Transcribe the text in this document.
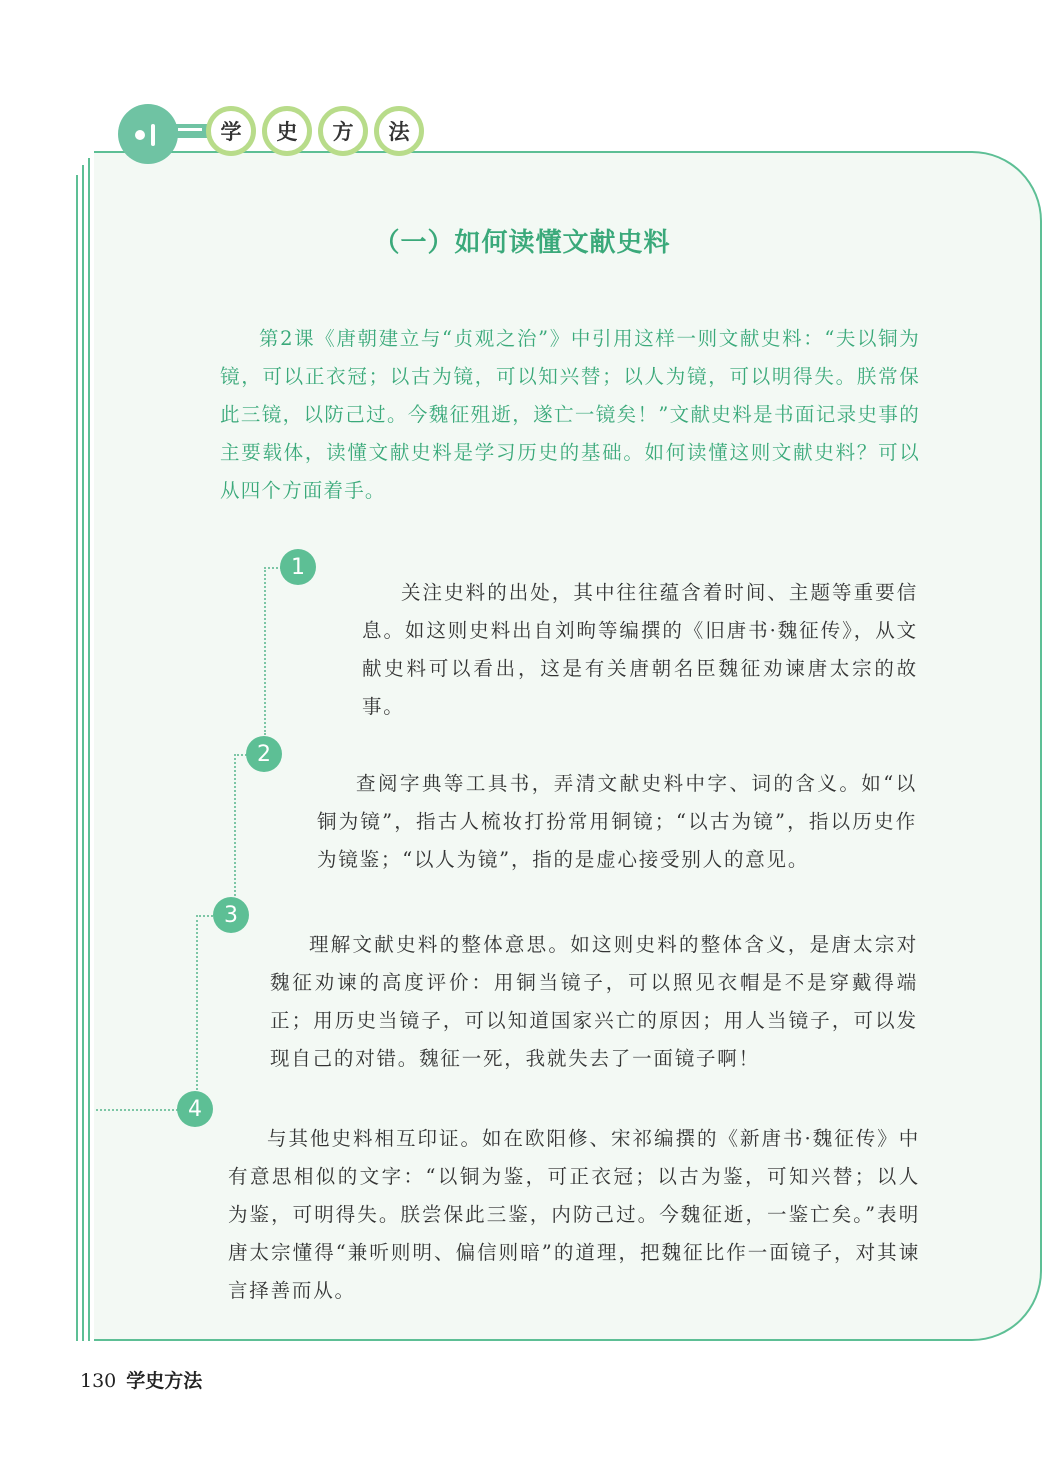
学	史	方	法
（一）如何读懂文献史料
第2课《唐朝建立与“贞观之治”》中引用这样一则文献史料：“夫以铜为镜，可以正衣冠；以古为镜，可以知兴替；以人为镜，可以明得失。朕常保此三镜，以防己过。今魏征殂逝，遂亡一镜矣！”文献史料是书面记录史事的主要载体，读懂文献史料是学习历史的基础。如何读懂这则文献史料？可以从四个方面着手。
1
2
3
4
关注史料的出处，其中往往蕴含着时间、主题等重要信息。如这则史料出自刘昫等编撰的《旧唐书·魏征传》，从文献史料可以看出，这是有关唐朝名臣魏征劝谏唐太宗的故事。
查阅字典等工具书，弄清文献史料中字、词的含义。如“以铜为镜”，指古人梳妆打扮常用铜镜；“以古为镜”，指以历史作为镜鉴；“以人为镜”，指的是虚心接受别人的意见。
理解文献史料的整体意思。如这则史料的整体含义，是唐太宗对魏征劝谏的高度评价：用铜当镜子，可以照见衣帽是不是穿戴得端正；用历史当镜子，可以知道国家兴亡的原因；用人当镜子，可以发现自己的对错。魏征一死，我就失去了一面镜子啊！
与其他史料相互印证。如在欧阳修、宋祁编撰的《新唐书·魏征传》中有意思相似的文字：“以铜为鉴，可正衣冠；以古为鉴，可知兴替；以人为鉴，可明得失。朕尝保此三鉴，内防己过。今魏征逝，一鉴亡矣。”表明唐太宗懂得“兼听则明、偏信则暗”的道理，把魏征比作一面镜子，对其谏言择善而从。
130 学史方法
